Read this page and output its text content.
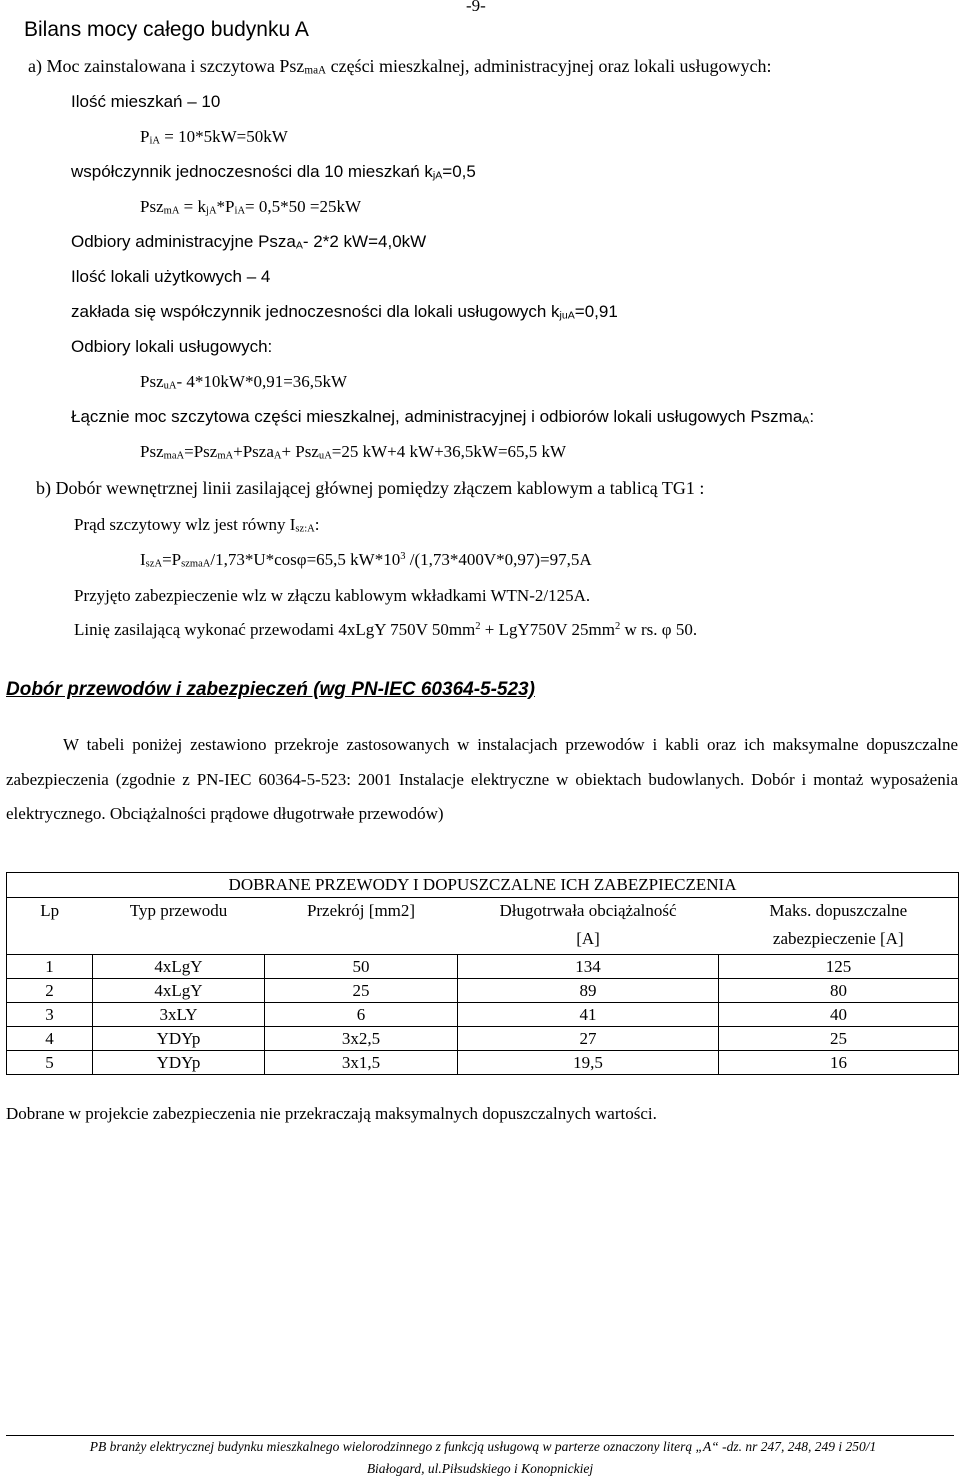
-9-
Bilans mocy całego budynku A
a) Moc zainstalowana i szczytowa Psz$_{maA}$ części mieszkalnej, administracyjnej oraz lokali usługowych:
Ilość mieszkań – 10
$P_{iA} = 10*5kW=50kW$
współczynnik jednoczesności dla 10 mieszkań $k_{jA}=0,5$
$Psz_{mA} = k_{jA}*P_{iA}= 0,5*50 =25kW$
Odbiory administracyjne Psza$_A$- 2*2 kW=4,0kW
Ilość lokali użytkowych – 4
zakłada się współczynnik jednoczesności dla lokali usługowych $k_{juA}=0,91$
Odbiory lokali usługowych:
Psz$_{uA}$- 4*10kW*0,91=36,5kW
Łącznie moc szczytowa części mieszkalnej, administracyjnej i odbiorów lokali usługowych Pszma$_A$:
Psz$_{maA}$=Psz$_{mA}$+Psza$_A$+ Psz$_{uA}$=25 kW+4 kW+36,5kW=65,5 kW
b) Dobór wewnętrznej linii zasilającej głównej pomiędzy złączem kablowym a tablicą TG1 :
Prąd szczytowy wlz jest równy $I_{sz:A}$:
$I_{szA}=P_{szmaA}/1,73*U*\cos\varphi=65,5$ $kW*10^3$ /(1,73*400V*0,97)=97,5A
Przyjęto zabezpieczenie wlz w złączu kablowym wkładkami WTN-2/125A.
Linię zasilającą wykonać przewodami 4xLgY 750V $50mm^2 + LgY750V$ $25mm^2$ w rs. φ 50.
Dobór przewodów i zabezpieczeń (wg PN-IEC 60364-5-523)
W tabeli poniżej zestawiono przekroje zastosowanych w instalacjach przewodów i kabli oraz ich maksymalne dopuszczalne zabezpieczenia (zgodnie z PN-IEC 60364-5-523: 2001 Instalacje elektryczne w obiektach budowlanych. Dobór i montaż wyposażenia elektrycznego. Obciążalności prądowe długotrwałe przewodów)
DOBRANE PRZEWODY I DOPUSZCZALNE ICH ZABEZPIECZENIA				
Lp	Typ przewodu	Przekrój [mm2]	Długotrwała obciążalność	Maks. dopuszczalne
			[A]	zabezpieczenie [A]
1	4xLgY	50	134	125
2	4xLgY	25	89	80
3	3xLY	6	41	40
4	YDYp	3x2,5	27	25
5	YDYp	3x1,5	19,5	16
Dobrane w projekcie zabezpieczenia nie przekraczają maksymalnych dopuszczalnych wartości.
PB branży elektrycznej budynku mieszkalnego wielorodzinnego z funkcją usługową w parterze oznaczony literą „A“ -dz. nr 247, 248, 249 i 250/1
Białogard, ul.Piłsudskiego i Konopnickiej
